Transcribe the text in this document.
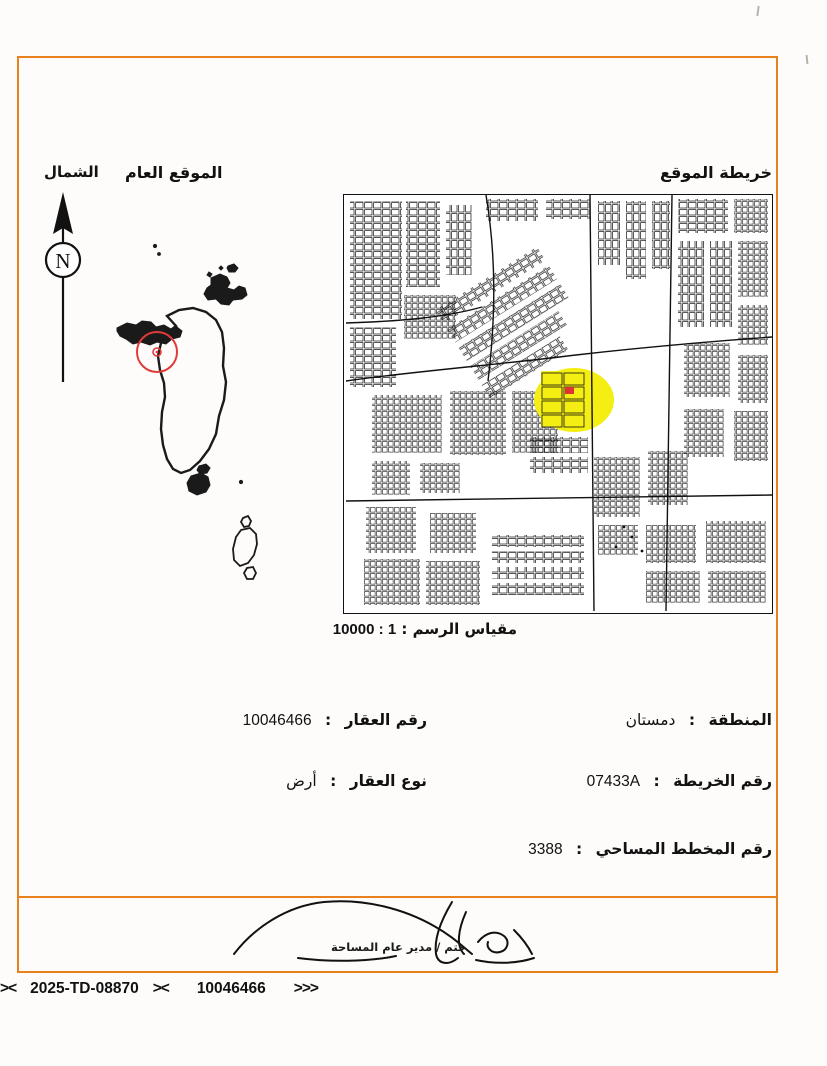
خريطة الموقع
الموقع العام
الشمال
N
مقياس الرسم : 1 : 10000
المنطقة : دمستان
رقم الخريطة : 07433A
رقم المخطط المساحي : 3388
رقم العقار : 10046466
نوع العقار : أرض
ختم / مدير عام المساحة
>‌< 2025-TD-08870 >< 10046466 >>>
